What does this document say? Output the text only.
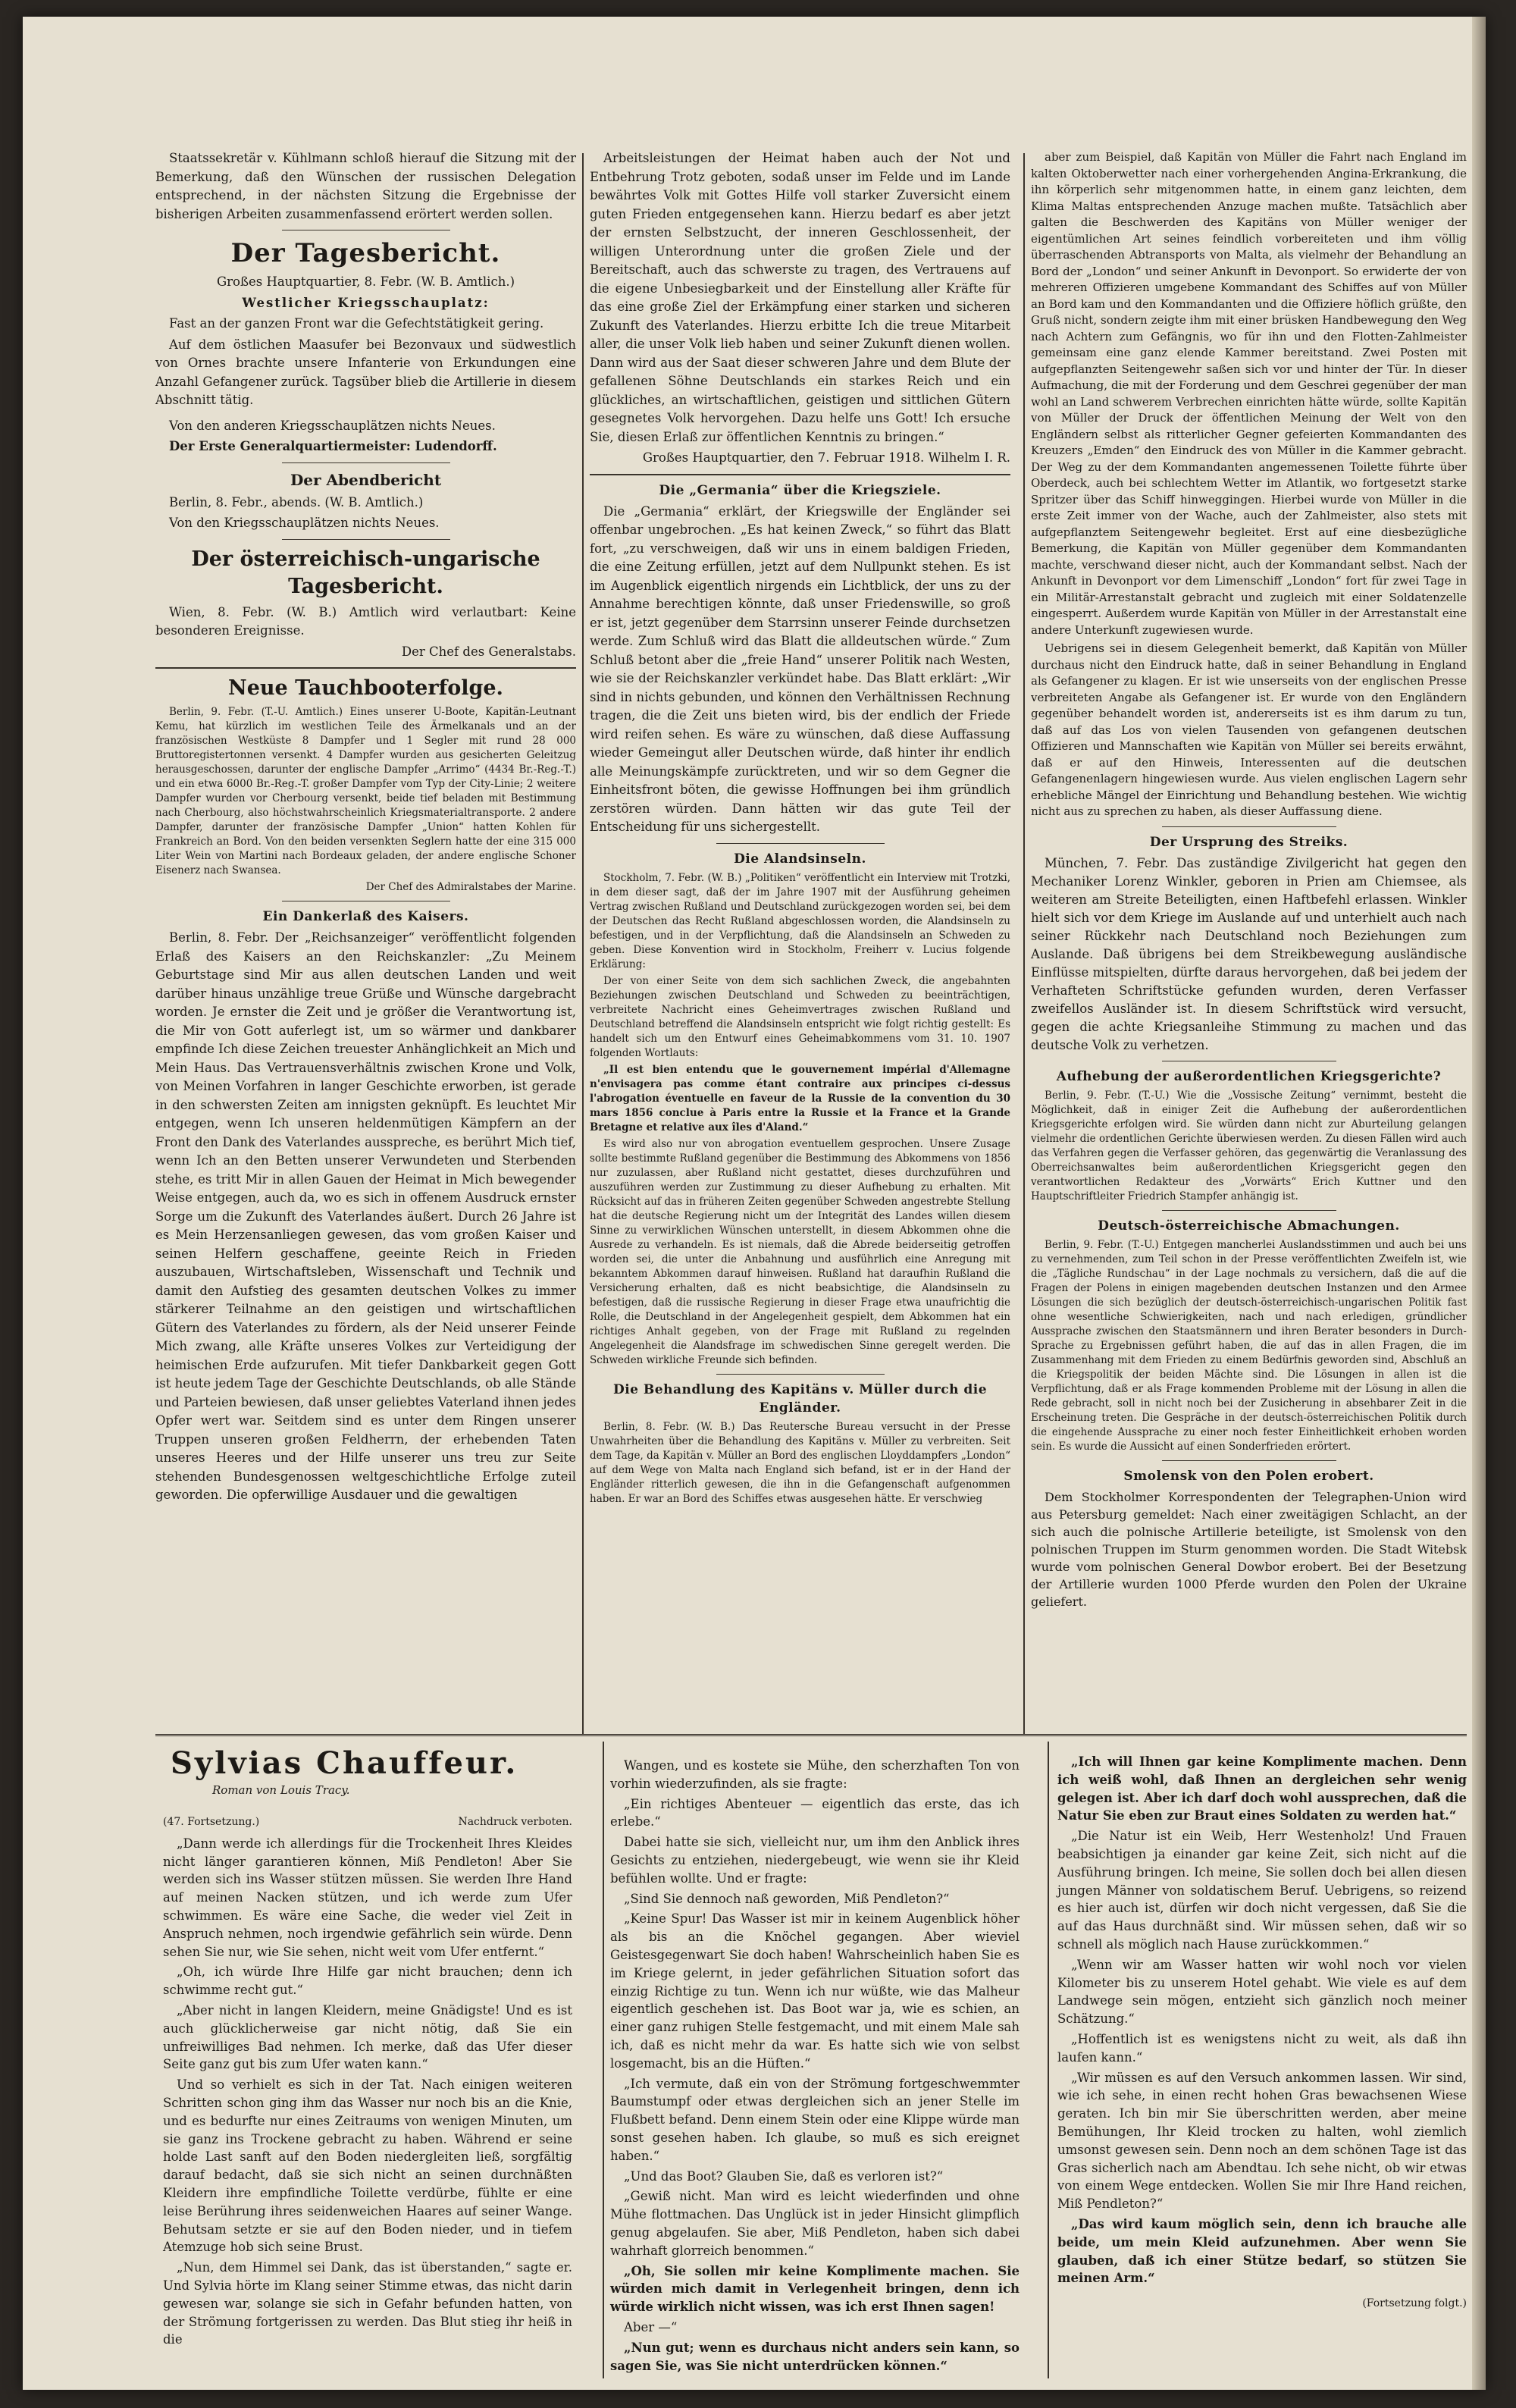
Staatssekretär v. Kühlmann schloß hierauf die Sitzung mit der Bemerkung, daß den Wünschen der russischen Delegation entsprechend, in der nächsten Sitzung die Ergebnisse der bisherigen Arbeiten zusammenfassend erörtert werden sollen.

Der Tagesbericht.

Großes Hauptquartier, 8. Febr. (W. B. Amtlich.)

Westlicher Kriegsschauplatz:

Fast an der ganzen Front war die Gefechtstätigkeit gering.

Auf dem östlichen Maasufer bei Bezonvaux und südwestlich von Ornes brachte unsere Infanterie von Erkundungen eine Anzahl Gefangener zurück. Tagsüber blieb die Artillerie in diesem Abschnitt tätig.

Von den anderen Kriegsschauplätzen nichts Neues.

Der Erste Generalquartiermeister: Ludendorff.

Der Abendbericht

Berlin, 8. Febr., abends. (W. B. Amtlich.)

Von den Kriegsschauplätzen nichts Neues.

Der österreichisch-ungarische Tagesbericht.

Wien, 8. Febr. (W. B.) Amtlich wird verlautbart: Keine besonderen Ereignisse.

Der Chef des Generalstabs.

Neue Tauchbooterfolge.

Berlin, 9. Febr. (T.-U. Amtlich.) Eines unserer U-Boote, Kapitän-Leutnant Kemu, hat kürzlich im westlichen Teile des Ärmelkanals und an der französischen Westküste 8 Dampfer und 1 Segler mit rund 28 000 Bruttoregistertonnen versenkt. 4 Dampfer wurden aus gesicherten Geleitzug herausgeschossen, darunter der englische Dampfer „Arrimo“ (4434 Br.-Reg.-T.) und ein etwa 6000 Br.-Reg.-T. großer Dampfer vom Typ der City-Linie; 2 weitere Dampfer wurden vor Cherbourg versenkt, beide tief beladen mit Bestimmung nach Cherbourg, also höchstwahrscheinlich Kriegsmaterialtransporte. 2 andere Dampfer, darunter der französische Dampfer „Union“ hatten Kohlen für Frankreich an Bord. Von den beiden versenkten Seglern hatte der eine 315 000 Liter Wein von Martini nach Bordeaux geladen, der andere englische Schoner Eisenerz nach Swansea.

Der Chef des Admiralstabes der Marine.

Ein Dankerlaß des Kaisers.

Berlin, 8. Febr. Der „Reichsanzeiger“ veröffentlicht folgenden Erlaß des Kaisers an den Reichskanzler: „Zu Meinem Geburtstage sind Mir aus allen deutschen Landen und weit darüber hinaus unzählige treue Grüße und Wünsche dargebracht worden. Je ernster die Zeit und je größer die Verantwortung ist, die Mir von Gott auferlegt ist, um so wärmer und dankbarer empfinde Ich diese Zeichen treuester Anhänglichkeit an Mich und Mein Haus. Das Vertrauensverhältnis zwischen Krone und Volk, von Meinen Vorfahren in langer Geschichte erworben, ist gerade in den schwersten Zeiten am innigsten geknüpft. Es leuchtet Mir entgegen, wenn Ich unseren heldenmütigen Kämpfern an der Front den Dank des Vaterlandes ausspreche, es berührt Mich tief, wenn Ich an den Betten unserer Verwundeten und Sterbenden stehe, es tritt Mir in allen Gauen der Heimat in Mich bewegender Weise entgegen, auch da, wo es sich in offenem Ausdruck ernster Sorge um die Zukunft des Vaterlandes äußert. Durch 26 Jahre ist es Mein Herzensanliegen gewesen, das vom großen Kaiser und seinen Helfern geschaffene, geeinte Reich in Frieden auszubauen, Wirtschaftsleben, Wissenschaft und Technik und damit den Aufstieg des gesamten deutschen Volkes zu immer stärkerer Teilnahme an den geistigen und wirtschaftlichen Gütern des Vaterlandes zu fördern, als der Neid unserer Feinde Mich zwang, alle Kräfte unseres Volkes zur Verteidigung der heimischen Erde aufzurufen. Mit tiefer Dankbarkeit gegen Gott ist heute jedem Tage der Geschichte Deutschlands, ob alle Stände und Parteien bewiesen, daß unser geliebtes Vaterland ihnen jedes Opfer wert war. Seitdem sind es unter dem Ringen unserer Truppen unseren großen Feldherrn, der erhebenden Taten unseres Heeres und der Hilfe unserer uns treu zur Seite stehenden Bundesgenossen weltgeschichtliche Erfolge zuteil geworden. Die opferwillige Ausdauer und die gewaltigen

Arbeitsleistungen der Heimat haben auch der Not und Entbehrung Trotz geboten, sodaß unser im Felde und im Lande bewährtes Volk mit Gottes Hilfe voll starker Zuversicht einem guten Frieden entgegensehen kann. Hierzu bedarf es aber jetzt der ernsten Selbstzucht, der inneren Geschlossenheit, der willigen Unterordnung unter die großen Ziele und der Bereitschaft, auch das schwerste zu tragen, des Vertrauens auf die eigene Unbesiegbarkeit und der Einstellung aller Kräfte für das eine große Ziel der Erkämpfung einer starken und sicheren Zukunft des Vaterlandes. Hierzu erbitte Ich die treue Mitarbeit aller, die unser Volk lieb haben und seiner Zukunft dienen wollen. Dann wird aus der Saat dieser schweren Jahre und dem Blute der gefallenen Söhne Deutschlands ein starkes Reich und ein glückliches, an wirtschaftlichen, geistigen und sittlichen Gütern gesegnetes Volk hervorgehen. Dazu helfe uns Gott! Ich ersuche Sie, diesen Erlaß zur öffentlichen Kenntnis zu bringen.“

Großes Hauptquartier, den 7. Februar 1918. Wilhelm I. R.

Die „Germania“ über die Kriegsziele.

Die „Germania“ erklärt, der Kriegswille der Engländer sei offenbar ungebrochen. „Es hat keinen Zweck,“ so führt das Blatt fort, „zu verschweigen, daß wir uns in einem baldigen Frieden, die eine Zeitung erfüllen, jetzt auf dem Nullpunkt stehen. Es ist im Augenblick eigentlich nirgends ein Lichtblick, der uns zu der Annahme berechtigen könnte, daß unser Friedenswille, so groß er ist, jetzt gegenüber dem Starrsinn unserer Feinde durchsetzen werde. Zum Schluß wird das Blatt die alldeutschen würde.“ Zum Schluß betont aber die „freie Hand“ unserer Politik nach Westen, wie sie der Reichskanzler verkündet habe. Das Blatt erklärt: „Wir sind in nichts gebunden, und können den Verhältnissen Rechnung tragen, die die Zeit uns bieten wird, bis der endlich der Friede wird reifen sehen. Es wäre zu wünschen, daß diese Auffassung wieder Gemeingut aller Deutschen würde, daß hinter ihr endlich alle Meinungskämpfe zurücktreten, und wir so dem Gegner die Einheitsfront böten, die gewisse Hoffnungen bei ihm gründlich zerstören würden. Dann hätten wir das gute Teil der Entscheidung für uns sichergestellt.

Die Alandsinseln.

Stockholm, 7. Febr. (W. B.) „Politiken“ veröffentlicht ein Interview mit Trotzki, in dem dieser sagt, daß der im Jahre 1907 mit der Ausführung geheimen Vertrag zwischen Rußland und Deutschland zurückgezogen worden sei, bei dem der Deutschen das Recht Rußland abgeschlossen worden, die Alandsinseln zu befestigen, und in der Verpflichtung, daß die Alandsinseln an Schweden zu geben. Diese Konvention wird in Stockholm, Freiherr v. Lucius folgende Erklärung:

Der von einer Seite von dem sich sachlichen Zweck, die angebahnten Beziehungen zwischen Deutschland und Schweden zu beeinträchtigen, verbreitete Nachricht eines Geheimvertrages zwischen Rußland und Deutschland betreffend die Alandsinseln entspricht wie folgt richtig gestellt: Es handelt sich um den Entwurf eines Geheimabkommens vom 31. 10. 1907 folgenden Wortlauts:

„Il est bien entendu que le gouvernement impérial d'Allemagne n'envisagera pas comme étant contraire aux principes ci-dessus l'abrogation éventuelle en faveur de la Russie de la convention du 30 mars 1856 conclue à Paris entre la Russie et la France et la Grande Bretagne et relative aux îles d'Aland.“

Es wird also nur von abrogation eventuellem gesprochen. Unsere Zusage sollte bestimmte Rußland gegenüber die Bestimmung des Abkommens von 1856 nur zuzulassen, aber Rußland nicht gestattet, dieses durchzuführen und auszuführen werden zur Zustimmung zu dieser Aufhebung zu erhalten. Mit Rücksicht auf das in früheren Zeiten gegenüber Schweden angestrebte Stellung hat die deutsche Regierung nicht um der Integrität des Landes willen diesem Sinne zu verwirklichen Wünschen unterstellt, in diesem Abkommen ohne die Ausrede zu verhandeln. Es ist niemals, daß die Abrede beiderseitig getroffen worden sei, die unter die Anbahnung und ausführlich eine Anregung mit bekanntem Abkommen darauf hinweisen. Rußland hat daraufhin Rußland die Versicherung erhalten, daß es nicht beabsichtige, die Alandsinseln zu befestigen, daß die russische Regierung in dieser Frage etwa unaufrichtig die Rolle, die Deutschland in der Angelegenheit gespielt, dem Abkommen hat ein richtiges Anhalt gegeben, von der Frage mit Rußland zu regelnden Angelegenheit die Alandsfrage im schwedischen Sinne geregelt werden. Die Schweden wirkliche Freunde sich befinden.

Die Behandlung des Kapitäns v. Müller durch die Engländer.

Berlin, 8. Febr. (W. B.) Das Reutersche Bureau versucht in der Presse Unwahrheiten über die Behandlung des Kapitäns v. Müller zu verbreiten. Seit dem Tage, da Kapitän v. Müller an Bord des englischen Lloyddampfers „London“ auf dem Wege von Malta nach England sich befand, ist er in der Hand der Engländer ritterlich gewesen, die ihn in die Gefangenschaft aufgenommen haben. Er war an Bord des Schiffes etwas ausgesehen hätte. Er verschwieg

aber zum Beispiel, daß Kapitän von Müller die Fahrt nach England im kalten Oktoberwetter nach einer vorhergehenden Angina-Erkrankung, die ihn körperlich sehr mitgenommen hatte, in einem ganz leichten, dem Klima Maltas entsprechenden Anzuge machen mußte. Tatsächlich aber galten die Beschwerden des Kapitäns von Müller weniger der eigentümlichen Art seines feindlich vorbereiteten und ihm völlig überraschenden Abtransports von Malta, als vielmehr der Behandlung an Bord der „London“ und seiner Ankunft in Devonport. So erwiderte der von mehreren Offizieren umgebene Kommandant des Schiffes auf von Müller an Bord kam und den Kommandanten und die Offiziere höflich grüßte, den Gruß nicht, sondern zeigte ihm mit einer brüsken Handbewegung den Weg nach Achtern zum Gefängnis, wo für ihn und den Flotten-Zahlmeister gemeinsam eine ganz elende Kammer bereitstand. Zwei Posten mit aufgepflanzten Seitengewehr saßen sich vor und hinter der Tür. In dieser Aufmachung, die mit der Forderung und dem Geschrei gegenüber der man wohl an Land schwerem Verbrechen einrichten hätte würde, sollte Kapitän von Müller der Druck der öffentlichen Meinung der Welt von den Engländern selbst als ritterlicher Gegner gefeierten Kommandanten des Kreuzers „Emden“ den Eindruck des von Müller in die Kammer gebracht. Der Weg zu der dem Kommandanten angemessenen Toilette führte über Oberdeck, auch bei schlechtem Wetter im Atlantik, wo fortgesetzt starke Spritzer über das Schiff hinweggingen. Hierbei wurde von Müller in die erste Zeit immer von der Wache, auch der Zahlmeister, also stets mit aufgepflanztem Seitengewehr begleitet. Erst auf eine diesbezügliche Bemerkung, die Kapitän von Müller gegenüber dem Kommandanten machte, verschwand dieser nicht, auch der Kommandant selbst. Nach der Ankunft in Devonport vor dem Limenschiff „London“ fort für zwei Tage in ein Militär-Arrestanstalt gebracht und zugleich mit einer Soldatenzelle eingesperrt. Außerdem wurde Kapitän von Müller in der Arrestanstalt eine andere Unterkunft zugewiesen wurde.

Uebrigens sei in diesem Gelegenheit bemerkt, daß Kapitän von Müller durchaus nicht den Eindruck hatte, daß in seiner Behandlung in England als Gefangener zu klagen. Er ist wie unserseits von der englischen Presse verbreiteten Angabe als Gefangener ist. Er wurde von den Engländern gegenüber behandelt worden ist, andererseits ist es ihm darum zu tun, daß auf das Los von vielen Tausenden von gefangenen deutschen Offizieren und Mannschaften wie Kapitän von Müller sei bereits erwähnt, daß er auf den Hinweis, Interessenten auf die deutschen Gefangenenlagern hingewiesen wurde. Aus vielen englischen Lagern sehr erhebliche Mängel der Einrichtung und Behandlung bestehen. Wie wichtig nicht aus zu sprechen zu haben, als dieser Auffassung diene.

Der Ursprung des Streiks.

München, 7. Febr. Das zuständige Zivilgericht hat gegen den Mechaniker Lorenz Winkler, geboren in Prien am Chiemsee, als weiteren am Streite Beteiligten, einen Haftbefehl erlassen. Winkler hielt sich vor dem Kriege im Auslande auf und unterhielt auch nach seiner Rückkehr nach Deutschland noch Beziehungen zum Auslande. Daß übrigens bei dem Streikbewegung ausländische Einflüsse mitspielten, dürfte daraus hervorgehen, daß bei jedem der Verhafteten Schriftstücke gefunden wurden, deren Verfasser zweifellos Ausländer ist. In diesem Schriftstück wird versucht, gegen die achte Kriegsanleihe Stimmung zu machen und das deutsche Volk zu verhetzen.

Aufhebung der außerordentlichen Kriegsgerichte?

Berlin, 9. Febr. (T.-U.) Wie die „Vossische Zeitung“ vernimmt, besteht die Möglichkeit, daß in einiger Zeit die Aufhebung der außerordentlichen Kriegsgerichte erfolgen wird. Sie würden dann nicht zur Aburteilung gelangen vielmehr die ordentlichen Gerichte überwiesen werden. Zu diesen Fällen wird auch das Verfahren gegen die Verfasser gehören, das gegenwärtig die Veranlassung des Oberreichsanwaltes beim außerordentlichen Kriegsgericht gegen den verantwortlichen Redakteur des „Vorwärts“ Erich Kuttner und den Hauptschriftleiter Friedrich Stampfer anhängig ist.

Deutsch-österreichische Abmachungen.

Berlin, 9. Febr. (T.-U.) Entgegen mancherlei Auslandsstimmen und auch bei uns zu vernehmenden, zum Teil schon in der Presse veröffentlichten Zweifeln ist, wie die „Tägliche Rundschau“ in der Lage nochmals zu versichern, daß die auf die Fragen der Polens in einigen magebenden deutschen Instanzen und den Armee Lösungen die sich bezüglich der deutsch-österreichisch-ungarischen Politik fast ohne wesentliche Schwierigkeiten, nach und nach erledigen, gründlicher Aussprache zwischen den Staatsmännern und ihren Berater besonders in Durch-Sprache zu Ergebnissen geführt haben, die auf das in allen Fragen, die im Zusammenhang mit dem Frieden zu einem Bedürfnis geworden sind, Abschluß an die Kriegspolitik der beiden Mächte sind. Die Lösungen in allen ist die Verpflichtung, daß er als Frage kommenden Probleme mit der Lösung in allen die Rede gebracht, soll in nicht noch bei der Zusicherung in absehbarer Zeit in die Erscheinung treten. Die Gespräche in der deutsch-österreichischen Politik durch die eingehende Aussprache zu einer noch fester Einheitlichkeit erhoben worden sein. Es wurde die Aussicht auf einen Sonderfrieden erörtert.

Smolensk von den Polen erobert.

Dem Stockholmer Korrespondenten der Telegraphen-Union wird aus Petersburg gemeldet: Nach einer zweitägigen Schlacht, an der sich auch die polnische Artillerie beteiligte, ist Smolensk von den polnischen Truppen im Sturm genommen worden. Die Stadt Witebsk wurde vom polnischen General Dowbor erobert. Bei der Besetzung der Artillerie wurden 1000 Pferde wurden den Polen der Ukraine geliefert.

Sylvias Chauffeur.
Roman von Louis Tracy.
(47. Fortsetzung.)	Nachdruck verboten.

„Dann werde ich allerdings für die Trockenheit Ihres Kleides nicht länger garantieren können, Miß Pendleton! Aber Sie werden sich ins Wasser stützen müssen. Sie werden Ihre Hand auf meinen Nacken stützen, und ich werde zum Ufer schwimmen. Es wäre eine Sache, die weder viel Zeit in Anspruch nehmen, noch irgendwie gefährlich sein würde. Denn sehen Sie nur, wie Sie sehen, nicht weit vom Ufer entfernt.“

„Oh, ich würde Ihre Hilfe gar nicht brauchen; denn ich schwimme recht gut.“

„Aber nicht in langen Kleidern, meine Gnädigste! Und es ist auch glücklicherweise gar nicht nötig, daß Sie ein unfreiwilliges Bad nehmen. Ich merke, daß das Ufer dieser Seite ganz gut bis zum Ufer waten kann.“

Und so verhielt es sich in der Tat. Nach einigen weiteren Schritten schon ging ihm das Wasser nur noch bis an die Knie, und es bedurfte nur eines Zeitraums von wenigen Minuten, um sie ganz ins Trockene gebracht zu haben. Während er seine holde Last sanft auf den Boden niedergleiten ließ, sorgfältig darauf bedacht, daß sie sich nicht an seinen durchnäßten Kleidern ihre empfindliche Toilette verdürbe, fühlte er eine leise Berührung ihres seidenweichen Haares auf seiner Wange. Behutsam setzte er sie auf den Boden nieder, und in tiefem Atemzuge hob sich seine Brust.

„Nun, dem Himmel sei Dank, das ist überstanden,“ sagte er. Und Sylvia hörte im Klang seiner Stimme etwas, das nicht darin gewesen war, solange sie sich in Gefahr befunden hatten, von der Strömung fortgerissen zu werden. Das Blut stieg ihr heiß in die

Wangen, und es kostete sie Mühe, den scherzhaften Ton von vorhin wiederzufinden, als sie fragte:

„Ein richtiges Abenteuer — eigentlich das erste, das ich erlebe.“

Dabei hatte sie sich, vielleicht nur, um ihm den Anblick ihres Gesichts zu entziehen, niedergebeugt, wie wenn sie ihr Kleid befühlen wollte. Und er fragte:

„Sind Sie dennoch naß geworden, Miß Pendleton?“

„Keine Spur! Das Wasser ist mir in keinem Augenblick höher als bis an die Knöchel gegangen. Aber wieviel Geistesgegenwart Sie doch haben! Wahrscheinlich haben Sie es im Kriege gelernt, in jeder gefährlichen Situation sofort das einzig Richtige zu tun. Wenn ich nur wüßte, wie das Malheur eigentlich geschehen ist. Das Boot war ja, wie es schien, an einer ganz ruhigen Stelle festgemacht, und mit einem Male sah ich, daß es nicht mehr da war. Es hatte sich wie von selbst losgemacht, bis an die Hüften.“

„Ich vermute, daß ein von der Strömung fortgeschwemmter Baumstumpf oder etwas dergleichen sich an jener Stelle im Flußbett befand. Denn einem Stein oder eine Klippe würde man sonst gesehen haben. Ich glaube, so muß es sich ereignet haben.“

„Und das Boot? Glauben Sie, daß es verloren ist?“

„Gewiß nicht. Man wird es leicht wiederfinden und ohne Mühe flottmachen. Das Unglück ist in jeder Hinsicht glimpflich genug abgelaufen. Sie aber, Miß Pendleton, haben sich dabei wahrhaft glorreich benommen.“

„Oh, Sie sollen mir keine Komplimente machen. Sie würden mich damit in Verlegenheit bringen, denn ich würde wirklich nicht wissen, was ich erst Ihnen sagen!

Aber —“

„Nun gut; wenn es durchaus nicht anders sein kann, so sagen Sie, was Sie nicht unterdrücken können.“

„Ich will Ihnen gar keine Komplimente machen. Denn ich weiß wohl, daß Ihnen an dergleichen sehr wenig gelegen ist. Aber ich darf doch wohl aussprechen, daß die Natur Sie eben zur Braut eines Soldaten zu werden hat.“

„Die Natur ist ein Weib, Herr Westenholz! Und Frauen beabsichtigen ja einander gar keine Zeit, sich nicht auf die Ausführung bringen. Ich meine, Sie sollen doch bei allen diesen jungen Männer von soldatischem Beruf. Uebrigens, so reizend es hier auch ist, dürfen wir doch nicht vergessen, daß Sie die auf das Haus durchnäßt sind. Wir müssen sehen, daß wir so schnell als möglich nach Hause zurückkommen.“

„Wenn wir am Wasser hatten wir wohl noch vor vielen Kilometer bis zu unserem Hotel gehabt. Wie viele es auf dem Landwege sein mögen, entzieht sich gänzlich noch meiner Schätzung.“

„Hoffentlich ist es wenigstens nicht zu weit, als daß ihn laufen kann.“

„Wir müssen es auf den Versuch ankommen lassen. Wir sind, wie ich sehe, in einen recht hohen Gras bewachsenen Wiese geraten. Ich bin mir Sie überschritten werden, aber meine Bemühungen, Ihr Kleid trocken zu halten, wohl ziemlich umsonst gewesen sein. Denn noch an dem schönen Tage ist das Gras sicherlich nach am Abendtau. Ich sehe nicht, ob wir etwas von einem Wege entdecken. Wollen Sie mir Ihre Hand reichen, Miß Pendleton?“

„Das wird kaum möglich sein, denn ich brauche alle beide, um mein Kleid aufzunehmen. Aber wenn Sie glauben, daß ich einer Stütze bedarf, so stützen Sie meinen Arm.“

(Fortsetzung folgt.)
